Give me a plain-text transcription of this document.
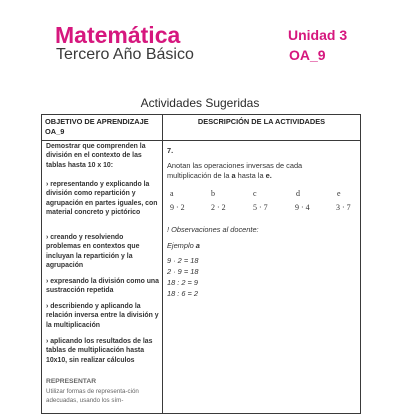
Matemática
Tercero Año Básico
Unidad 3
OA_9
Actividades Sugeridas
OBJETIVO DE APRENDIZAJE
OA_9
DESCRIPCIÓN DE LA ACTIVIDADES
Demostrar que comprenden la división en el contexto de las tablas hasta 10 x 10:
› representando y explicando la división como repartición y agrupación en partes iguales, con material concreto y pictórico
› creando y resolviendo problemas en contextos que incluyan la repartición y la agrupación
› expresando la división como una sustracción repetida
› describiendo y aplicando la relación inversa entre la división y la multiplicación
› aplicando los resultados de las tablas de multiplicación hasta 10x10, sin realizar cálculos
REPRESENTAR
Utilizar formas de representa-ción adecuadas, usando los sím-
7.
Anotan las operaciones inversas de cada
multiplicación de la a hasta la e.
a	b	c	d	e
9 · 2	2 · 2	5 · 7	9 · 4	3 · 7
! Observaciones al docente:
Ejemplo a
9 · 2 = 18
2 · 9 = 18
18 : 2 = 9
18 : 6 = 2
